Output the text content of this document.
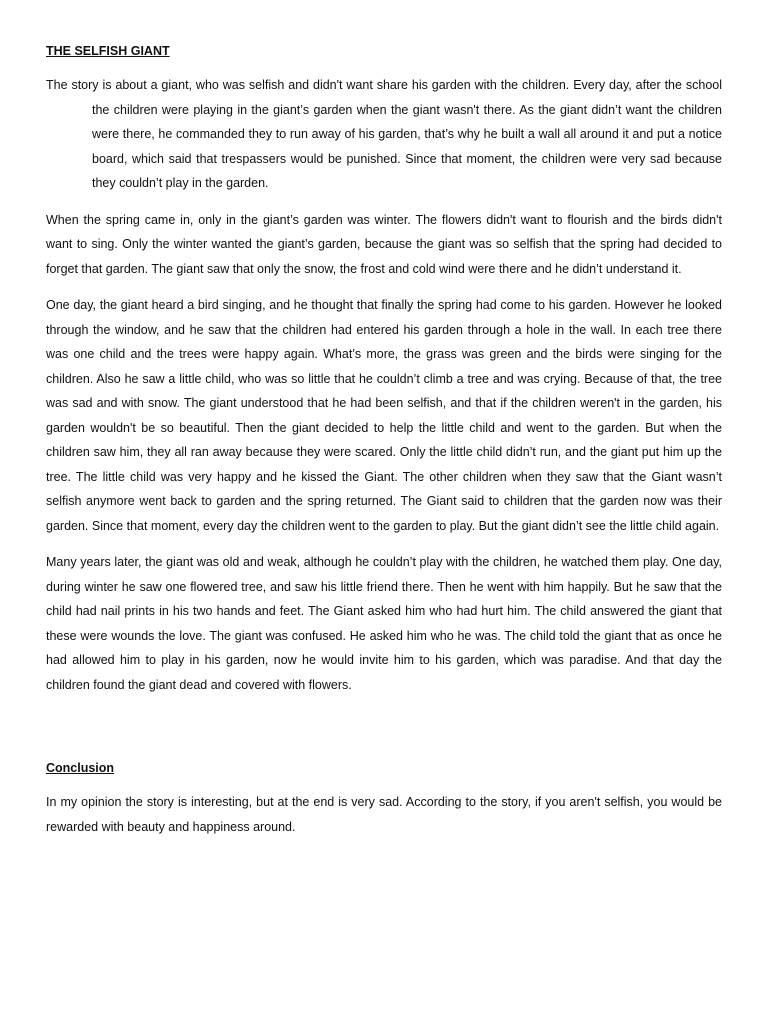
THE SELFISH GIANT

The story is about a giant, who was selfish and didn't want share his garden with the children. Every day, after the school the children were playing in the giant’s garden when the giant wasn't there. As the giant didn’t want the children were there, he commanded they to run away of his garden, that’s why he built a wall all around it and put a notice board, which said that trespassers would be punished. Since that moment, the children were very sad because they couldn’t play in the garden.

When the spring came in, only in the giant’s garden was winter. The flowers didn't want to flourish and the birds didn't want to sing. Only the winter wanted the giant’s garden, because the giant was so selfish that the spring had decided to forget that garden. The giant saw that only the snow, the frost and cold wind were there and he didn’t understand it.

One day, the giant heard a bird singing, and he thought that finally the spring had come to his garden. However he looked through the window, and he saw that the children had entered his garden through a hole in the wall. In each tree there was one child and the trees were happy again. What’s more, the grass was green and the birds were singing for the children. Also he saw a little child, who was so little that he couldn’t climb a tree and was crying. Because of that, the tree was sad and with snow. The giant understood that he had been selfish, and that if the children weren't in the garden, his garden wouldn't be so beautiful. Then the giant decided to help the little child and went to the garden. But when the children saw him, they all ran away because they were scared. Only the little child didn’t run, and the giant put him up the tree. The little child was very happy and he kissed the Giant. The other children when they saw that the Giant wasn’t selfish anymore went back to garden and the spring returned. The Giant said to children that the garden now was their garden. Since that moment, every day the children went to the garden to play. But the giant didn’t see the little child again.

Many years later, the giant was old and weak, although he couldn’t play with the children, he watched them play. One day, during winter he saw one flowered tree, and saw his little friend there. Then he went with him happily. But he saw that the child had nail prints in his two hands and feet. The Giant asked him who had hurt him. The child answered the giant that these were wounds the love. The giant was confused. He asked him who he was. The child told the giant that as once he had allowed him to play in his garden, now he would invite him to his garden, which was paradise. And that day the children found the giant dead and covered with flowers.

Conclusion

In my opinion the story is interesting, but at the end is very sad. According to the story, if you aren't selfish, you would be rewarded with beauty and happiness around.
